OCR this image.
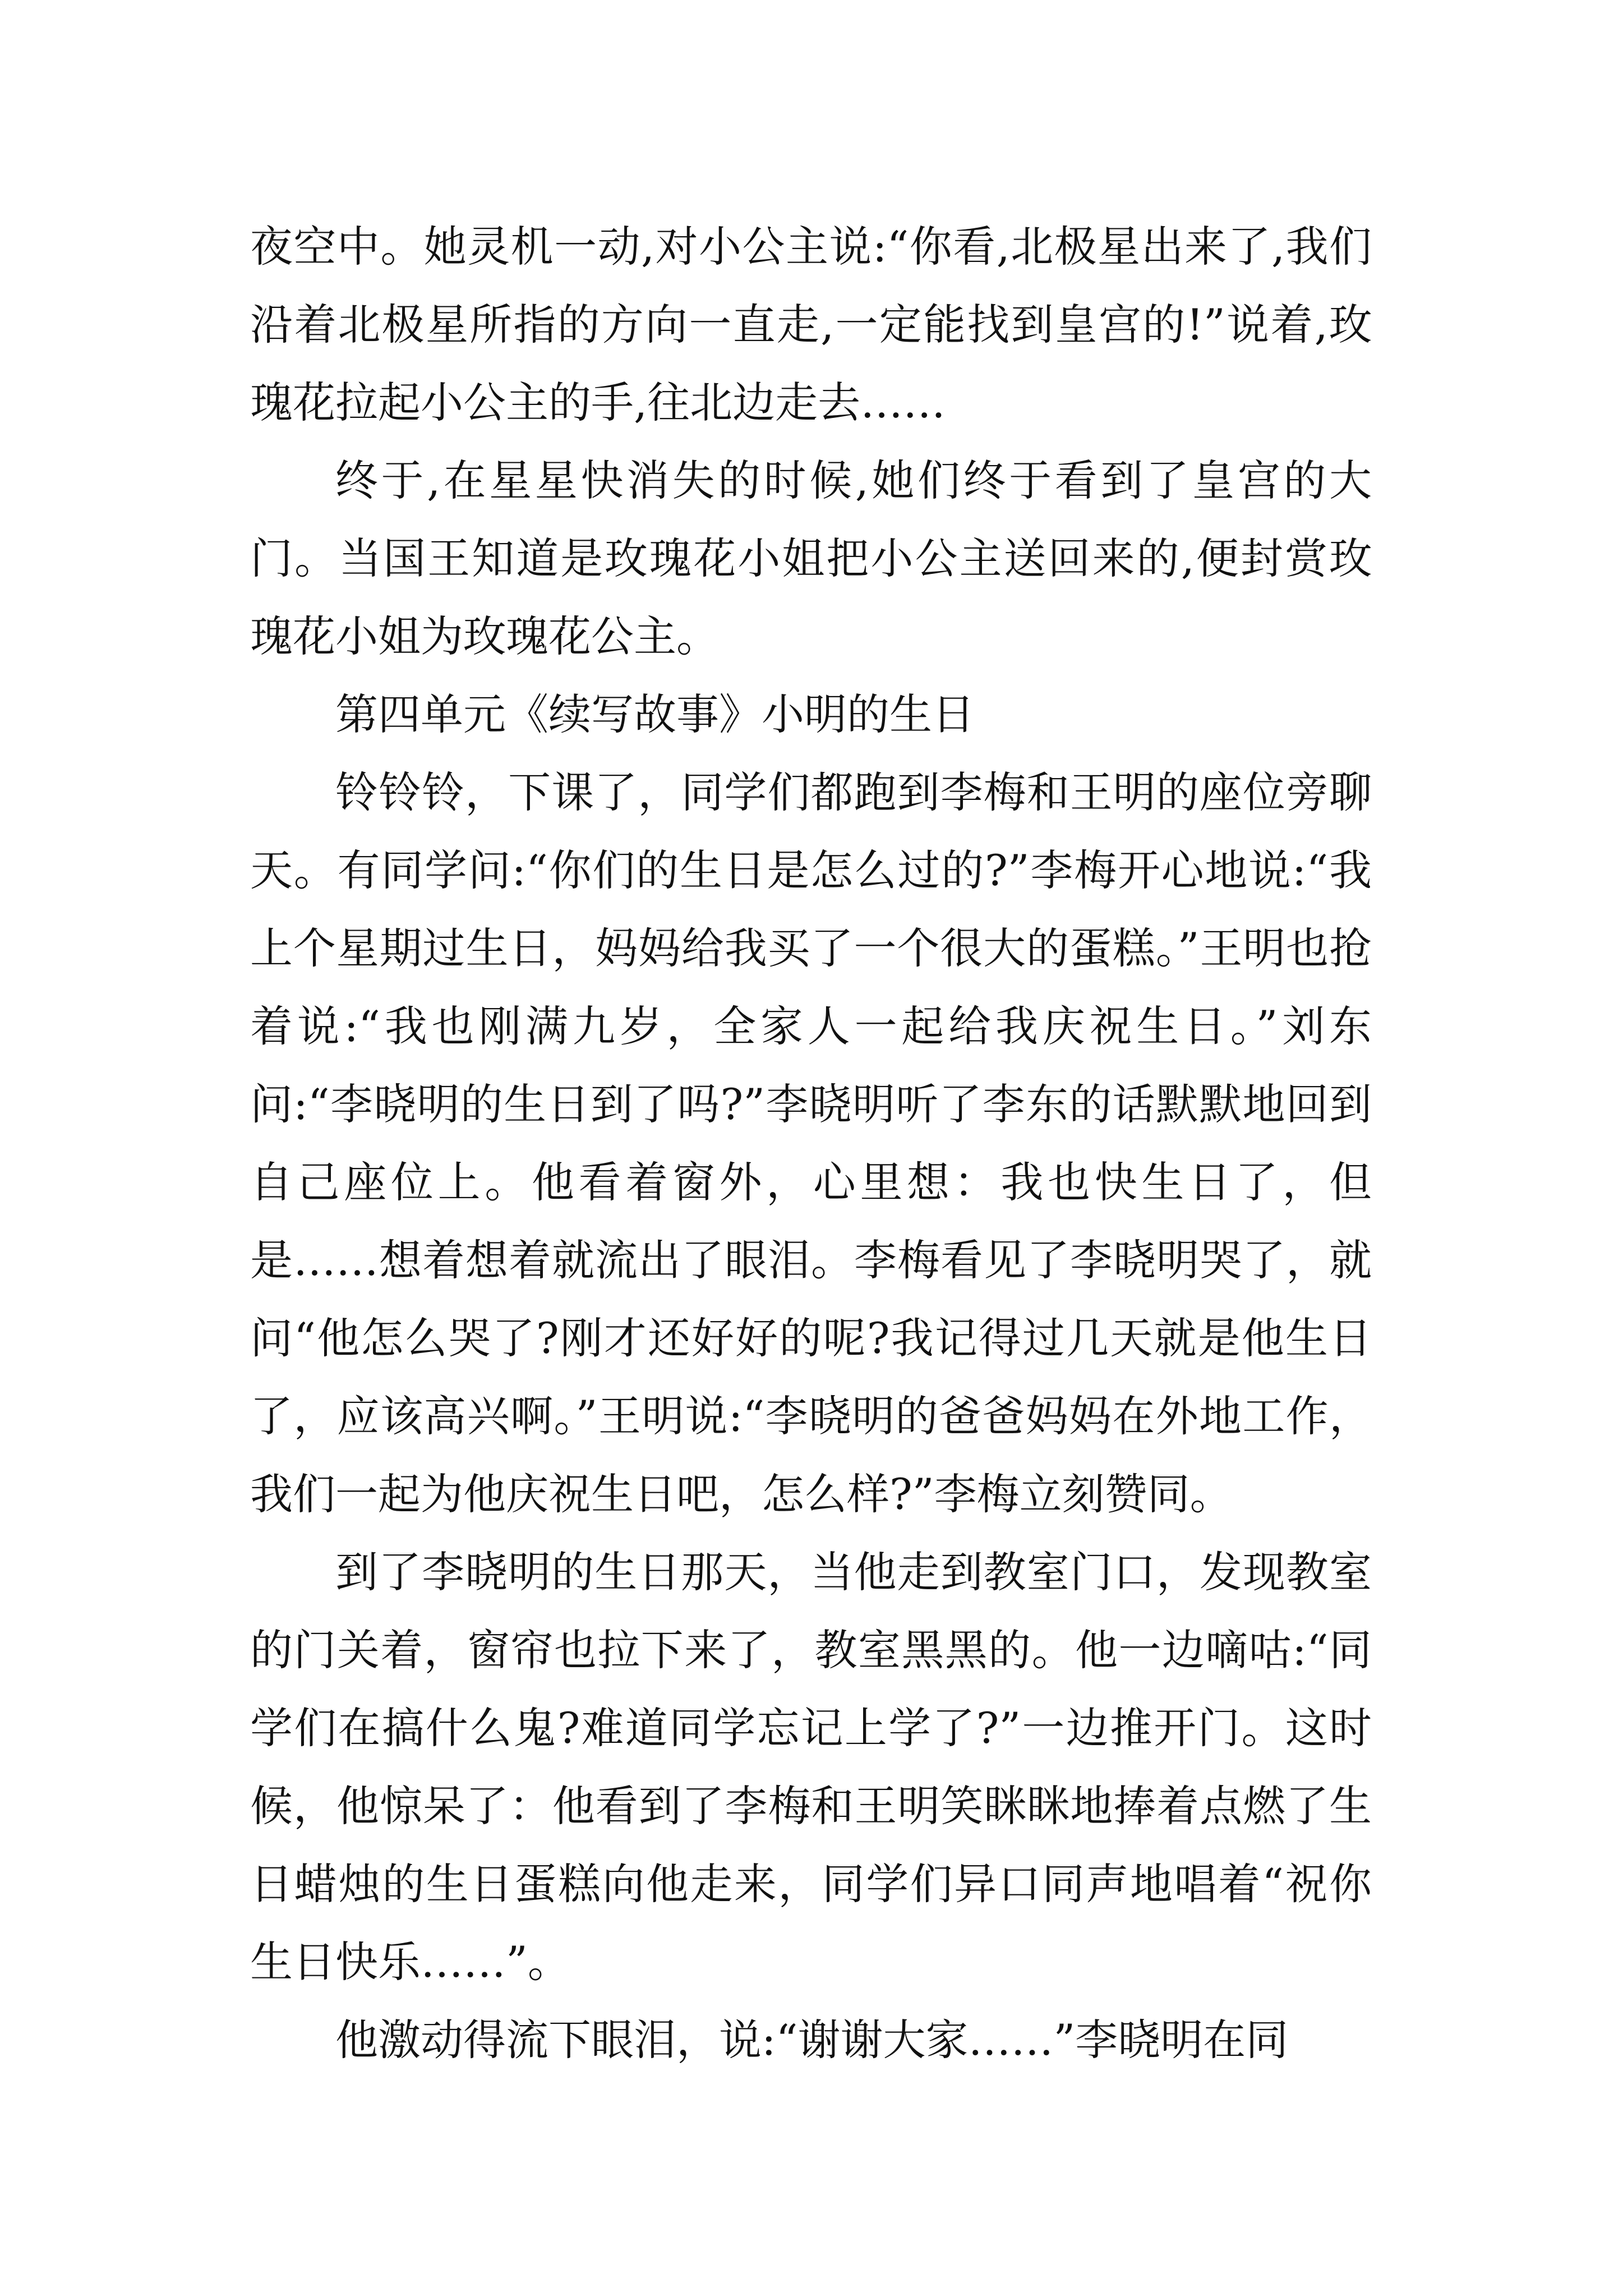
夜空中。她灵机一动,对小公主说:“你看,北极星出来了,我们沿着北极星所指的方向一直走,一定能找到皇宫的!”说着,玫瑰花拉起小公主的手,往北边走去……

终于,在星星快消失的时候,她们终于看到了皇宫的大门。当国王知道是玫瑰花小姐把小公主送回来的,便封赏玫瑰花小姐为玫瑰花公主。

第四单元《续写故事》小明的生日

铃铃铃，下课了，同学们都跑到李梅和王明的座位旁聊天。有同学问:“你们的生日是怎么过的?”李梅开心地说:“我上个星期过生日，妈妈给我买了一个很大的蛋糕。”王明也抢着说:“我也刚满九岁，全家人一起给我庆祝生日。”刘东问:“李晓明的生日到了吗?”李晓明听了李东的话默默地回到自己座位上。他看着窗外，心里想：我也快生日了，但是……想着想着就流出了眼泪。李梅看见了李晓明哭了，就问“他怎么哭了?刚才还好好的呢?我记得过几天就是他生日了，应该高兴啊。”王明说:“李晓明的爸爸妈妈在外地工作，我们一起为他庆祝生日吧，怎么样?”李梅立刻赞同。

到了李晓明的生日那天，当他走到教室门口，发现教室的门关着，窗帘也拉下来了，教室黑黑的。他一边嘀咕:“同学们在搞什么鬼?难道同学忘记上学了?”一边推开门。这时候，他惊呆了：他看到了李梅和王明笑眯眯地捧着点燃了生日蜡烛的生日蛋糕向他走来，同学们异口同声地唱着“祝你生日快乐……”。

他激动得流下眼泪，说:“谢谢大家……”李晓明在同
